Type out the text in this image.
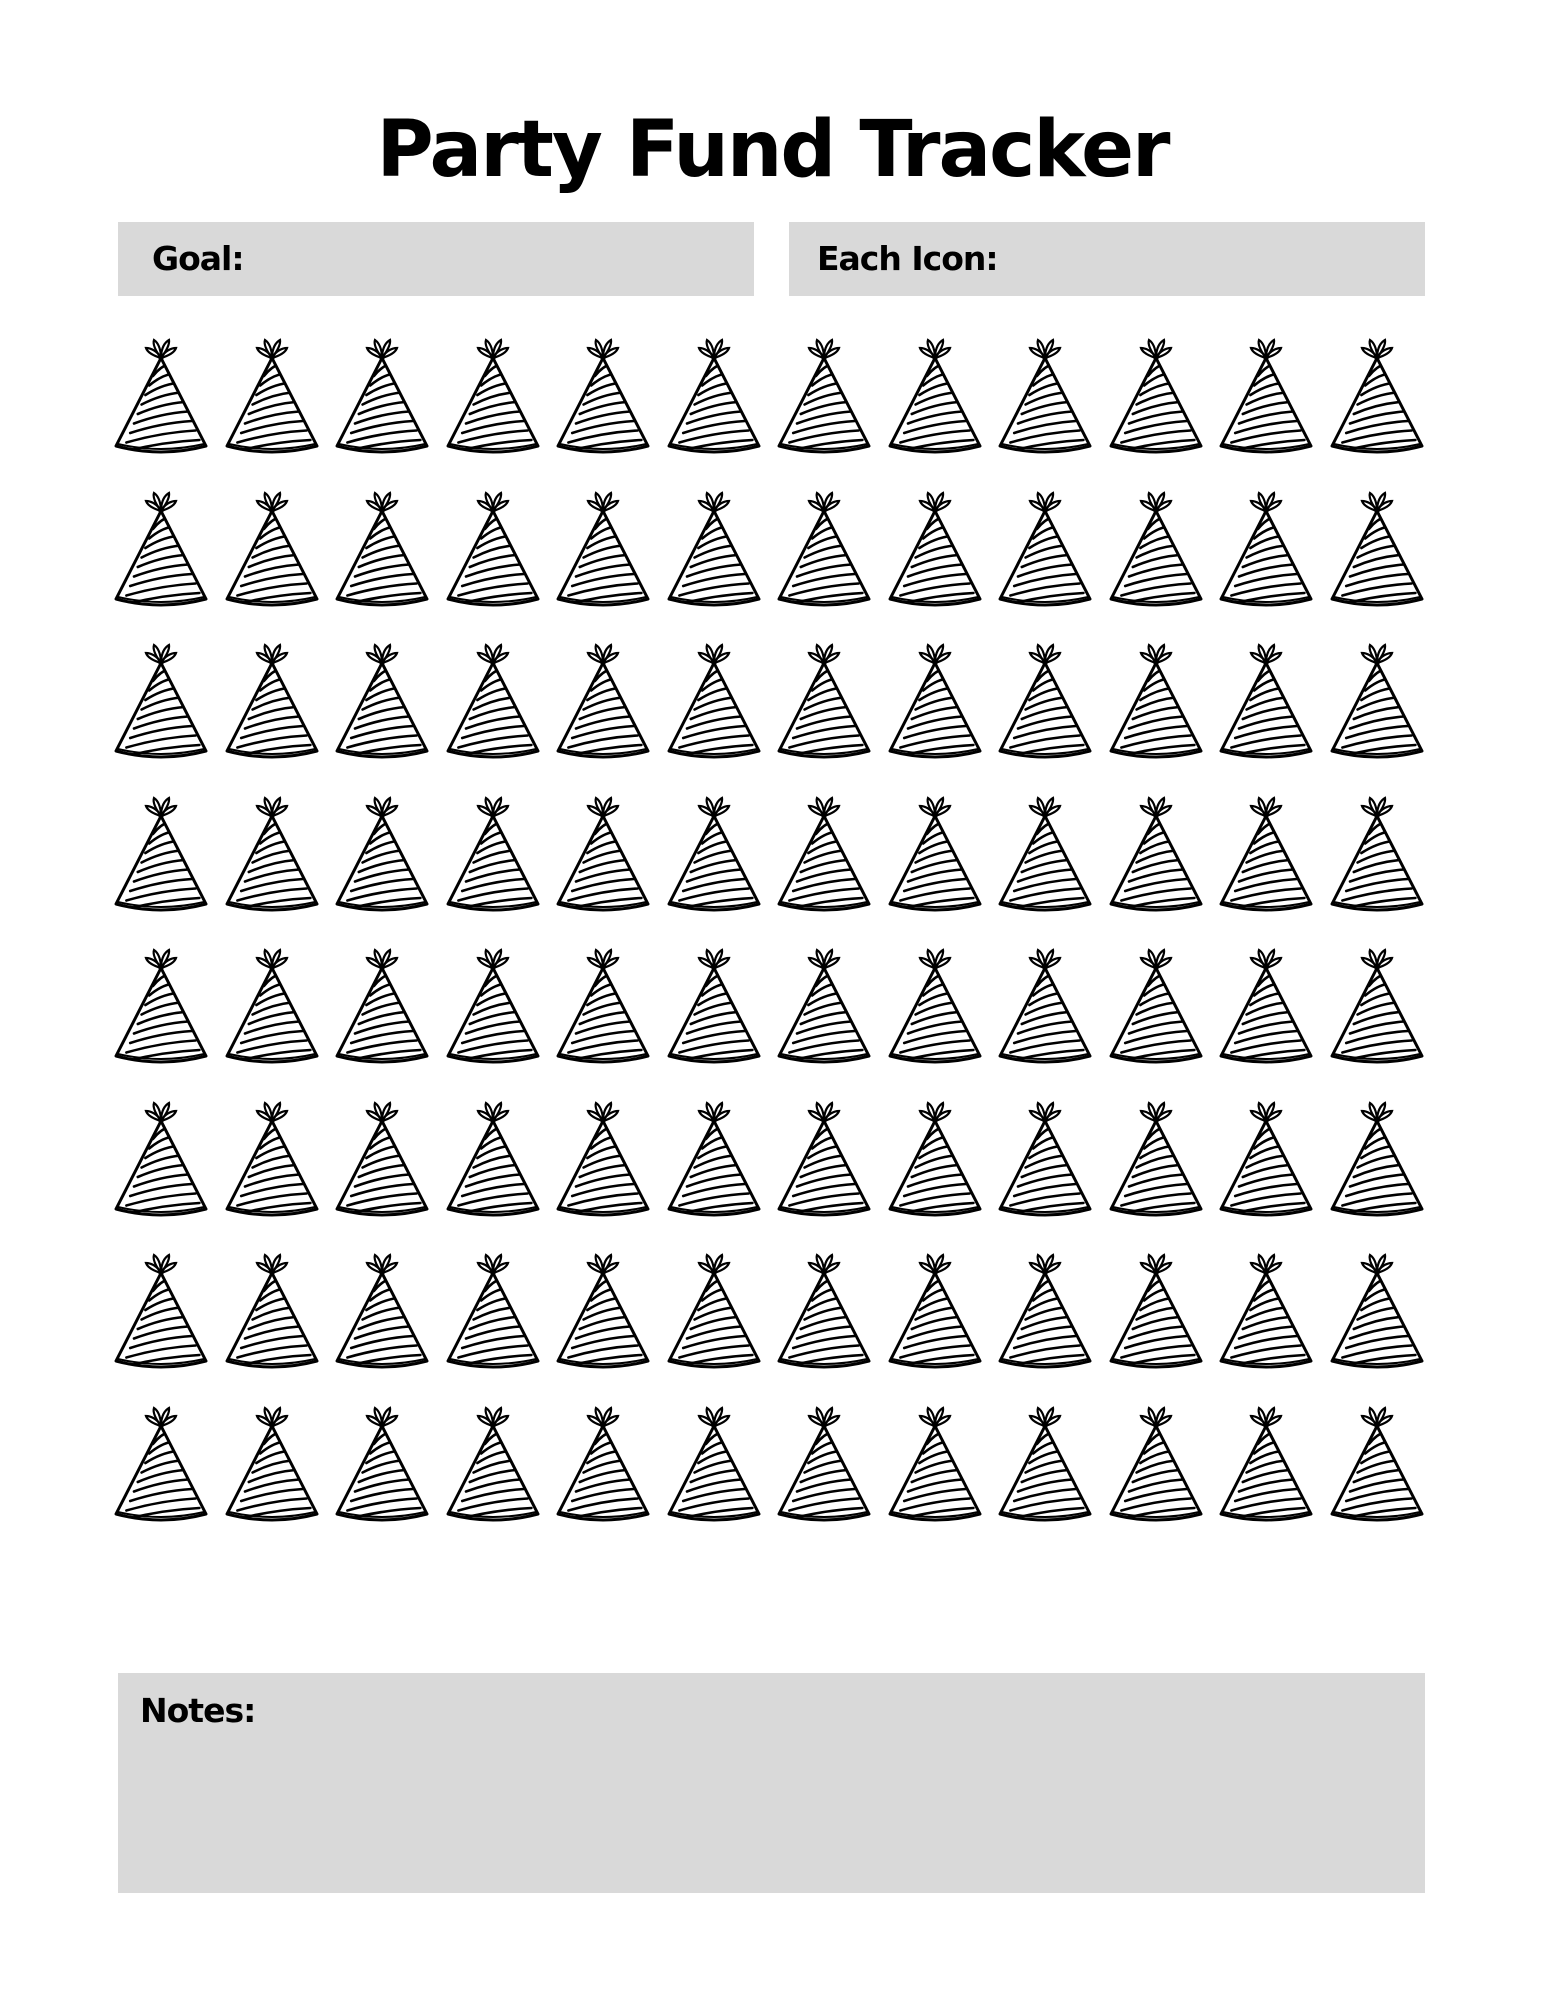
Party Fund Tracker
Goal:	Each Icon:
Notes:
